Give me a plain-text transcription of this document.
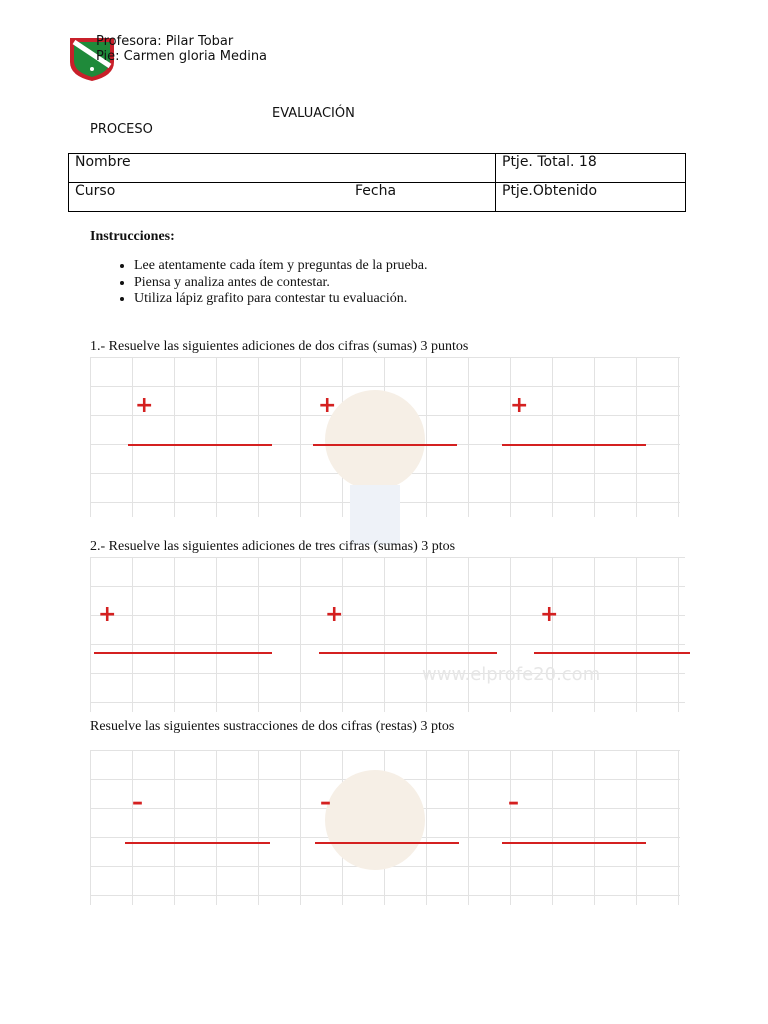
Profesora: Pilar Tobar
Pie: Carmen gloria Medina
EVALUACIÓN
PROCESO
Nombre	Ptje. Total. 18
Curso Fecha	Ptje.Obtenido
Instrucciones:
• Lee atentamente cada ítem y preguntas de la prueba.
• Piensa y analiza antes de contestar.
• Utiliza lápiz grafito para contestar tu evaluación.
1.- Resuelve las siguientes adiciones de dos cifras (sumas) 3 puntos
2.- Resuelve las siguientes adiciones de tres cifras (sumas) 3 ptos
www.elprofe20.com
Resuelve las siguientes sustracciones de dos cifras (restas) 3 ptos
+	+	+
+	+	+
–	–	–
